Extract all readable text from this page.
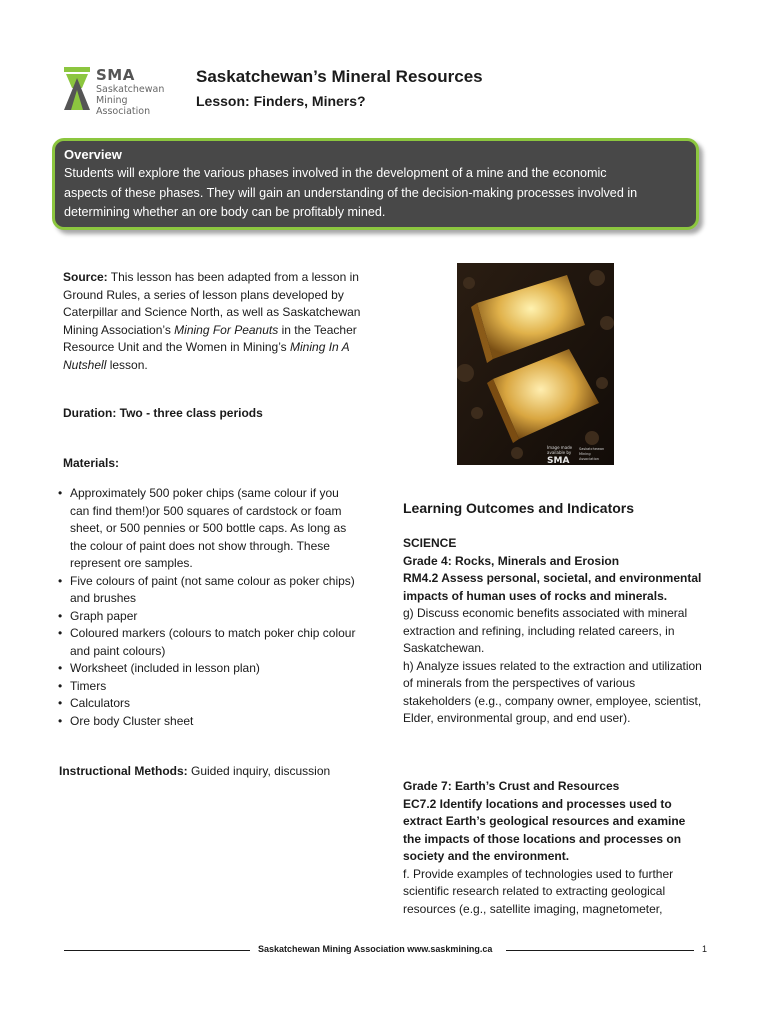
SMA
Saskatchewan
Mining Association
Saskatchewan’s Mineral Resources
Lesson: Finders, Miners?
Overview
Students will explore the various phases involved in the development of a mine and the economic
aspects of these phases. They will gain an understanding of the decision-making processes involved in
determining whether an ore body can be profitably mined.
Source: This lesson has been adapted from a lesson in Ground Rules, a series of lesson plans developed by Caterpillar and Science North, as well as Saskatchewan Mining Association’s Mining For Peanuts in the Teacher Resource Unit and the Women in Mining’s Mining In A Nutshell lesson.
Duration: Two - three class periods
Materials:
• Approximately 500 poker chips (same colour if you can find them!)or 500 squares of cardstock or foam sheet, or 500 pennies or 500 bottle caps. As long as the colour of paint does not show through. These represent ore samples.
• Five colours of paint (not same colour as poker chips) and brushes
• Graph paper
• Coloured markers (colours to match poker chip colour and paint colours)
• Worksheet (included in lesson plan)
• Timers
• Calculators
• Ore body Cluster sheet
Instructional Methods: Guided inquiry, discussion
Image made
available by
SMA
Saskatchewan
Mining
Association
Learning Outcomes and Indicators
SCIENCE
Grade 4: Rocks, Minerals and Erosion
RM4.2 Assess personal, societal, and environmental impacts of human uses of rocks and minerals.
g) Discuss economic benefits associated with mineral extraction and refining, including related careers, in Saskatchewan.
h) Analyze issues related to the extraction and utilization of minerals from the perspectives of various stakeholders (e.g., company owner, employee, scientist, Elder, environmental group, and end user).
Grade 7: Earth’s Crust and Resources
EC7.2 Identify locations and processes used to extract Earth’s geological resources and examine the impacts of those locations and processes on society and the environment.
f. Provide examples of technologies used to further scientific research related to extracting geological resources (e.g., satellite imaging, magnetometer,
Saskatchewan Mining Association www.saskmining.ca	1
